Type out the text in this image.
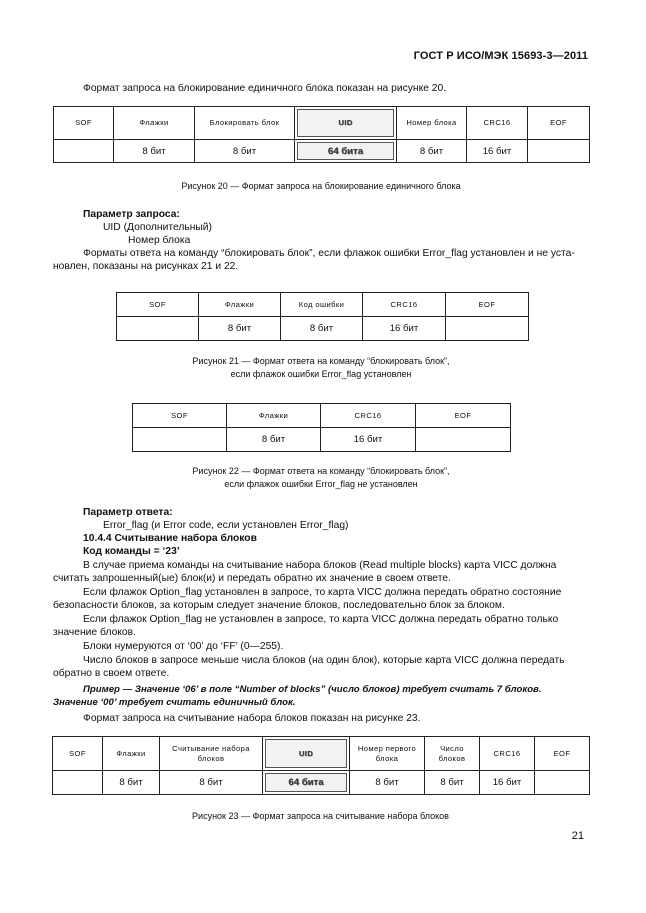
ГОСТ Р ИСО/МЭК 15693-3—2011
Формат запроса на блокирование единичного блока показан на рисунке 20.
SOF	Флажки	Блокировать блок	UID	Номер блока	CRC16	EOF
	8 бит	8 бит	64 бита	8 бит	16 бит	
Рисунок 20 — Формат запроса на блокирование единичного блока
Параметр запроса:
UID (Дополнительный)
Номер блока
Форматы ответа на команду “блокировать блок”, если флажок ошибки Error_flag установлен и не уста-
новлен, показаны на рисунках 21 и 22.
SOF	Флажки	Код ошибки	CRC16	EOF
	8 бит	8 бит	16 бит	
Рисунок 21 — Формат ответа на команду “блокировать блок”,
если флажок ошибки Error_flag установлен
SOF	Флажки	CRC16	EOF
	8 бит	16 бит	
Рисунок 22 — Формат ответа на команду “блокировать блок”,
если флажок ошибки Error_flag не установлен
Параметр ответа:
Error_flag (и Error code, если установлен Error_flag)
10.4.4 Считывание набора блоков
Код команды = ‘23’
В случае приема команды на считывание набора блоков (Read multiple blocks) карта VICC должна
считать запрошенный(ые) блок(и) и передать обратно их значение в своем ответе.
Если флажок Option_flag установлен в запросе, то карта VICC должна передать обратно состояние
безопасности блоков, за которым следует значение блоков, последовательно блок за блоком.
Если флажок Option_flag не установлен в запросе, то карта VICC должна передать обратно только
значение блоков.
Блоки нумеруются от ‘00’ до ‘FF’ (0—255).
Число блоков в запросе меньше числа блоков (на один блок), которые карта VICC должна передать
обратно в своем ответе.
Пример — Значение ‘06’ в поле “Number of blocks” (число блоков) требует считать 7 блоков.
Значение ‘00’ требует считать единичный блок.
Формат запроса на считывание набора блоков показан на рисунке 23.
SOF	Флажки	Считывание набора блоков	UID	Номер первого блока	Число блоков	CRC16	EOF
	8 бит	8 бит	64 бита	8 бит	8 бит	16 бит	
Рисунок 23 — Формат запроса на считывание набора блоков
21
